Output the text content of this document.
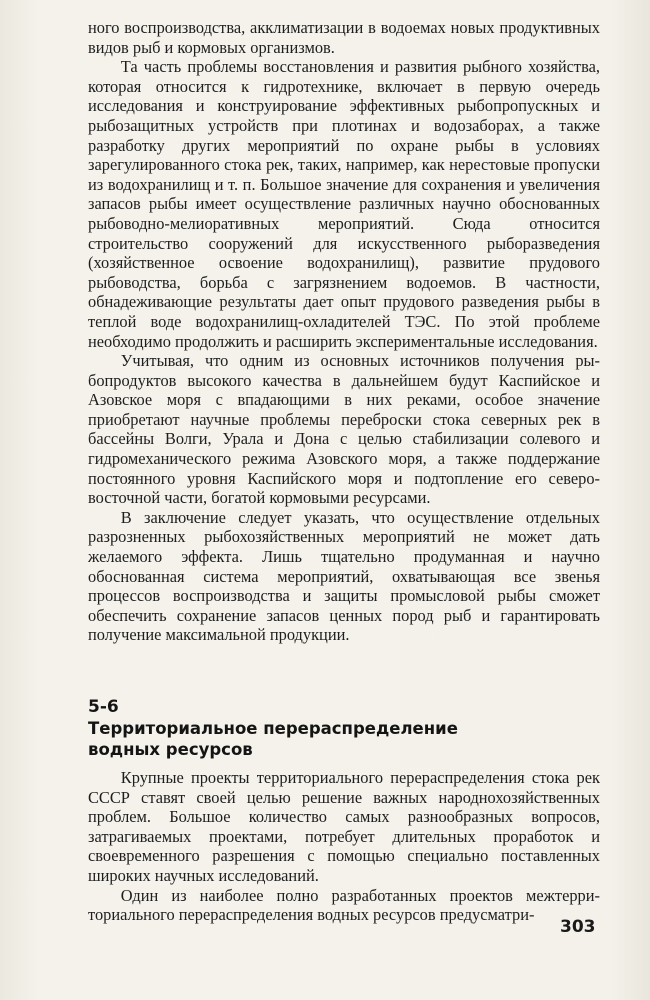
ного воспроизводства, акклиматизации в водоемах новых продуктивных видов рыб и кормовых организмов.

Та часть проблемы восстановления и развития рыбного хозяйства, которая относится к гидротехнике, включает в первую очередь исследования и конструирование эффективных рыбопропускных и рыбозащитных устройств при плотинах и водозаборах, а также разработку других мероприятий по охране рыбы в условиях зарегулированного стока рек, таких, например, как нерестовые пропуски из водохранилищ и т. п. Большое значение для сохранения и увеличения запасов рыбы имеет осуществление различных научно обоснованных рыбоводно-мелиоративных мероприятий. Сюда относится строительство сооружений для искусственного рыборазведения (хозяйственное освоение водохранилищ), развитие прудового рыбоводства, борьба с загрязнением водоемов. В частности, обнадеживающие результаты дает опыт прудового разведения рыбы в теплой воде водохранилищ-охладителей ТЭС. По этой проблеме необходимо продолжить и расширить экспериментальные исследования.

Учитывая, что одним из основных источников получения рыбопродуктов высокого качества в дальнейшем будут Каспийское и Азовское моря с впадающими в них реками, особое значение приобретают научные проблемы переброски стока северных рек в бассейны Волги, Урала и Дона с целью стабилизации солевого и гидромеханического режима Азовского моря, а также поддержание постоянного уровня Каспийского моря и подтопление его северо-восточной части, богатой кормовыми ресурсами.

В заключение следует указать, что осуществление отдельных разрозненных рыбохозяйственных мероприятий не может дать желаемого эффекта. Лишь тщательно продуманная и научно обоснованная система мероприятий, охватывающая все звенья процессов воспроизводства и защиты промысловой рыбы сможет обеспечить сохранение запасов ценных пород рыб и гарантировать получение максимальной продукции.

5-6
Территориальное перераспределение водных ресурсов

Крупные проекты территориального перераспределения стока рек СССР ставят своей целью решение важных народнохозяйственных проблем. Большое количество самых разнообразных вопросов, затрагиваемых проектами, потребует длительных проработок и своевременного разрешения с помощью специально поставленных широких научных исследований.

Один из наиболее полно разработанных проектов межтерриториального перераспределения водных ресурсов предусматри-

303
